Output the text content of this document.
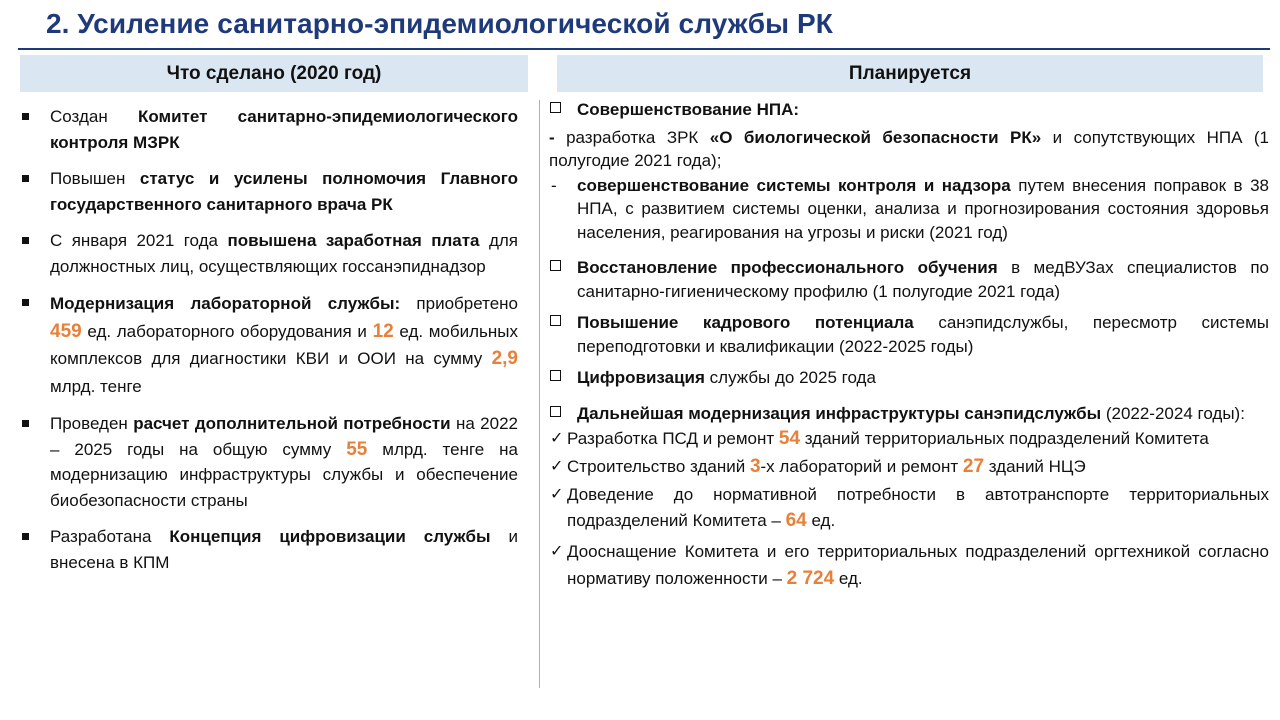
2. Усиление санитарно-эпидемиологической службы РК
Что сделано (2020 год)	Планируется
Создан Комитет санитарно-эпидемиологического контроля МЗРК
Повышен статус и усилены полномочия Главного государственного санитарного врача РК
С января 2021 года повышена заработная плата для должностных лиц, осуществляющих госсанэпиднадзор
Модернизация лабораторной службы: приобретено 459 ед. лабораторного оборудования и 12 ед. мобильных комплексов для диагностики КВИ и ООИ на сумму 2,9 млрд. тенге
Проведен расчет дополнительной потребности на 2022 – 2025 годы на общую сумму 55 млрд. тенге на модернизацию инфраструктуры службы и обеспечение биобезопасности страны
Разработана Концепция цифровизации службы и внесена в КПМ
Совершенствование НПА:
- разработка ЗРК «О биологической безопасности РК» и сопутствующих НПА (1 полугодие 2021 года);
- совершенствование системы контроля и надзора путем внесения поправок в 38 НПА, с развитием системы оценки, анализа и прогнозирования состояния здоровья населения, реагирования на угрозы и риски (2021 год)
Восстановление профессионального обучения в медВУЗах специалистов по санитарно-гигиеническому профилю (1 полугодие 2021 года)
Повышение кадрового потенциала санэпидслужбы, пересмотр системы переподготовки и квалификации (2022-2025 годы)
Цифровизация службы до 2025 года
Дальнейшая модернизация инфраструктуры санэпидслужбы (2022-2024 годы):
✓ Разработка ПСД и ремонт 54 зданий территориальных подразделений Комитета
✓ Строительство зданий 3-х лабораторий и ремонт 27 зданий НЦЭ
✓ Доведение до нормативной потребности в автотранспорте территориальных подразделений Комитета – 64 ед.
✓ Дооснащение Комитета и его территориальных подразделений оргтехникой согласно нормативу положенности – 2 724 ед.
